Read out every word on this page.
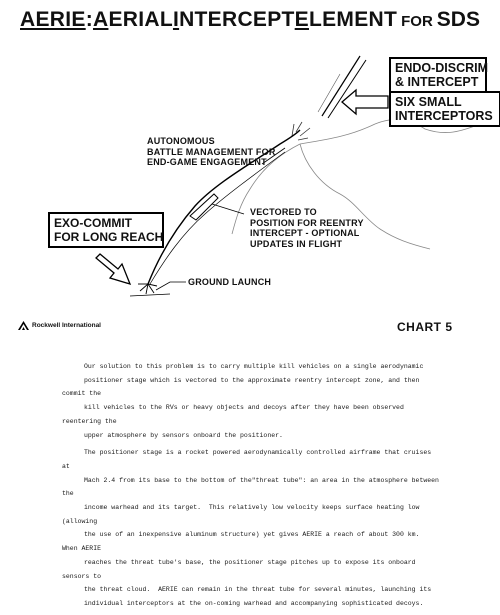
AERIE:AERIALINTERCEPTELEMENT FOR SDS
ENDO-DISCRIM
& INTERCEPT
SIX SMALL
INTERCEPTORS
AUTONOMOUS
BATTLE MANAGEMENT FOR
END-GAME ENGAGEMENT
VECTORED TO
POSITION FOR REENTRY
INTERCEPT - OPTIONAL
UPDATES IN FLIGHT
EXO-COMMIT
FOR LONG REACH
GROUND LAUNCH
Rockwell International	CHART 5

Our solution to this problem is to carry multiple kill vehicles on a single aerodynamic
positioner stage which is vectored to the approximate reentry intercept zone, and then commit the
kill vehicles to the RVs or heavy objects and decoys after they have been observed reentering the
upper atmosphere by sensors onboard the positioner.

The positioner stage is a rocket powered aerodynamically controlled airframe that cruises at
Mach 2.4 from its base to the bottom of the"threat tube": an area in the atmosphere between the
income warhead and its target.  This relatively low velocity keeps surface heating low (allowing
the use of an inexpensive aluminum structure) yet gives AERIE a reach of about 300 km.  When AERIE
reaches the threat tube's base, the positioner stage pitches up to expose its onboard sensors to
the threat cloud.  AERIE can remain in the threat tube for several minutes, launching its
individual interceptors at the on-coming warhead and accompanying sophisticated decoys.
